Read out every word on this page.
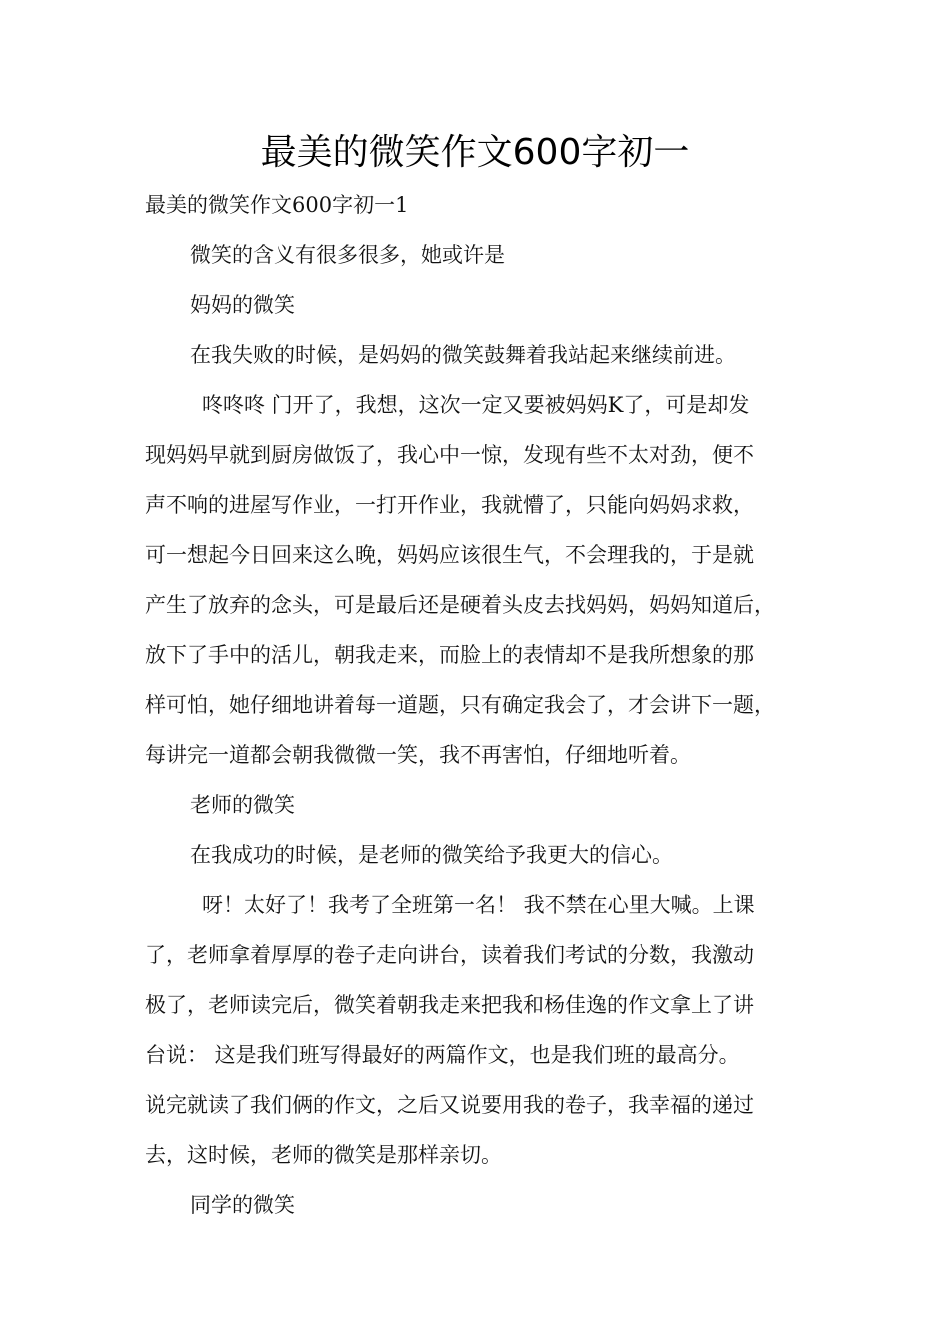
最美的微笑作文600字初一
最美的微笑作文600字初一1
微笑的含义有很多很多，她或许是
妈妈的微笑
在我失败的时候，是妈妈的微笑鼓舞着我站起来继续前进。
咚咚咚 门开了，我想，这次一定又要被妈妈K了，可是却发
现妈妈早就到厨房做饭了，我心中一惊，发现有些不太对劲，便不
声不响的进屋写作业，一打开作业，我就懵了，只能向妈妈求救，
可一想起今日回来这么晚，妈妈应该很生气，不会理我的，于是就
产生了放弃的念头，可是最后还是硬着头皮去找妈妈，妈妈知道后，
放下了手中的活儿，朝我走来，而脸上的表情却不是我所想象的那
样可怕，她仔细地讲着每一道题，只有确定我会了，才会讲下一题，
每讲完一道都会朝我微微一笑，我不再害怕，仔细地听着。
老师的微笑
在我成功的时候，是老师的微笑给予我更大的信心。
呀！太好了！我考了全班第一名！ 我不禁在心里大喊。上课
了，老师拿着厚厚的卷子走向讲台，读着我们考试的分数，我激动
极了，老师读完后，微笑着朝我走来把我和杨佳逸的作文拿上了讲
台说： 这是我们班写得最好的两篇作文，也是我们班的最高分。
说完就读了我们俩的作文，之后又说要用我的卷子，我幸福的递过
去，这时候，老师的微笑是那样亲切。
同学的微笑
